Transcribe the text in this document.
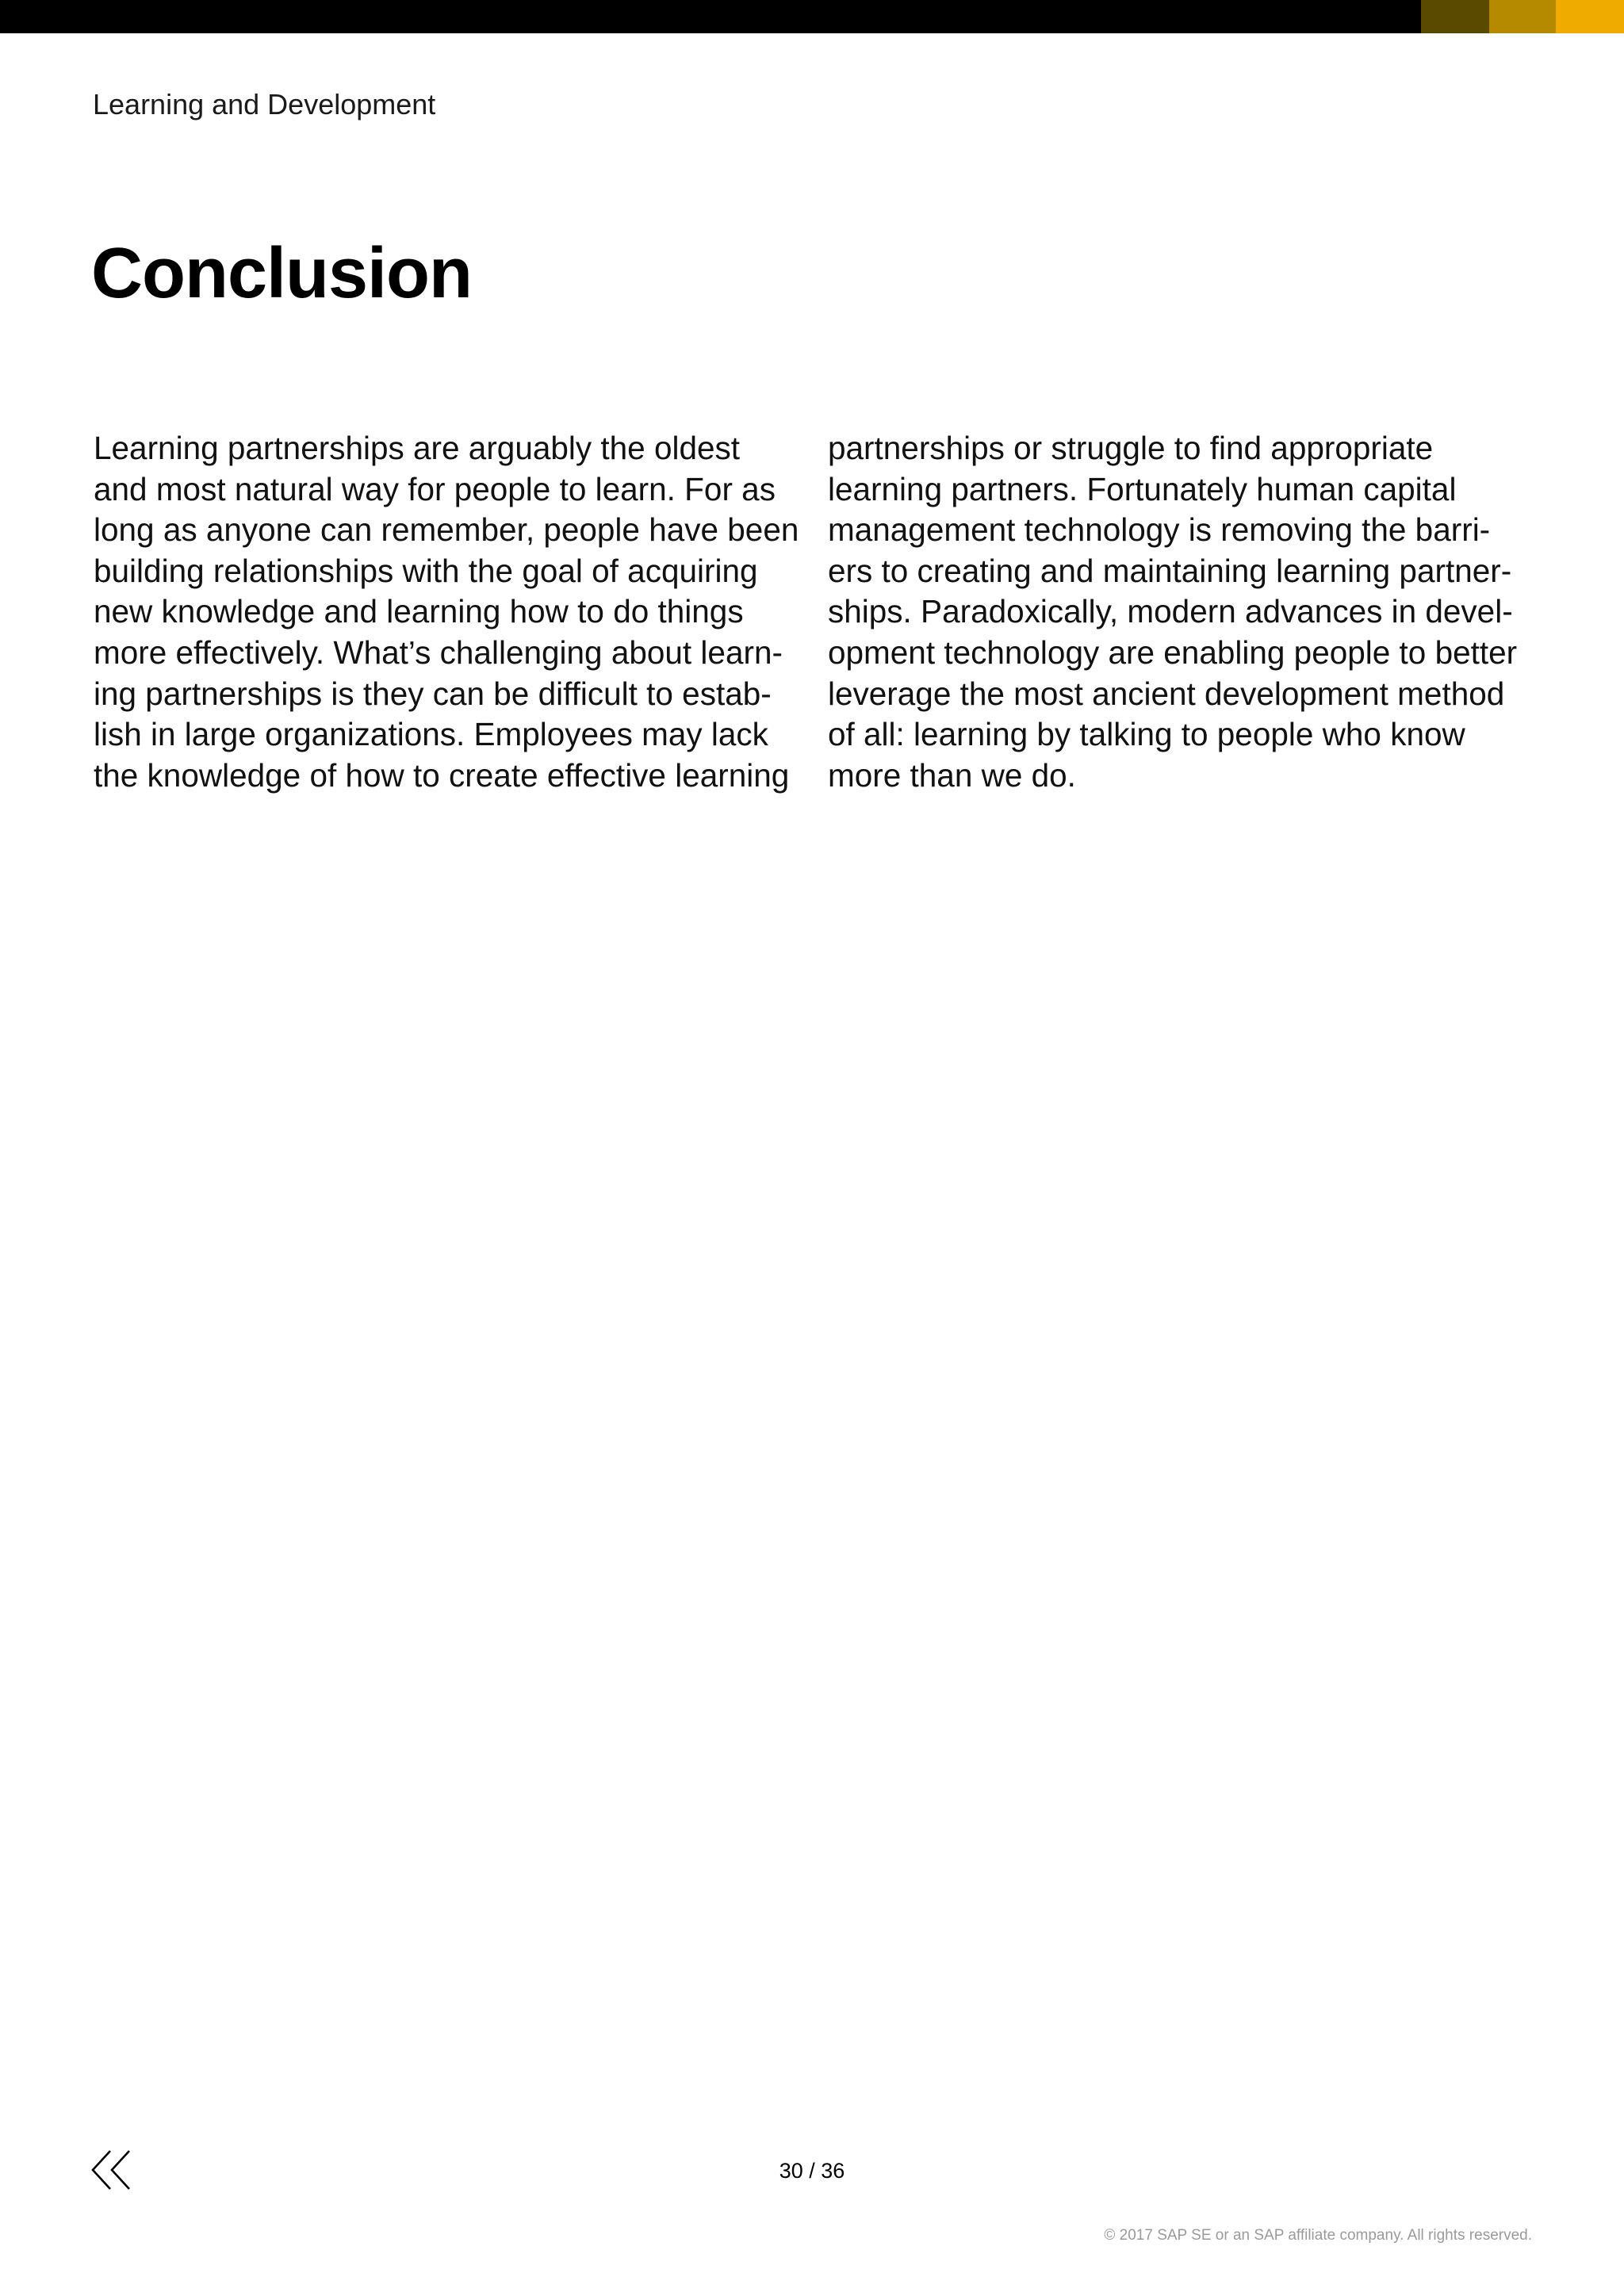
Learning and Development
Conclusion
Learning partnerships are arguably the oldest
and most natural way for people to learn. For as
long as anyone can remember, people have been
building relationships with the goal of acquiring
new knowledge and learning how to do things
more effectively. What’s challenging about learn-
ing partnerships is they can be difficult to estab-
lish in large organizations. Employees may lack
the knowledge of how to create effective learning
partnerships or struggle to find appropriate
learning partners. Fortunately human capital
management technology is removing the barri-
ers to creating and maintaining learning partner-
ships. Paradoxically, modern advances in devel-
opment technology are enabling people to better
leverage the most ancient development method
of all: learning by talking to people who know
more than we do.
30 / 36
© 2017 SAP SE or an SAP affiliate company. All rights reserved.
